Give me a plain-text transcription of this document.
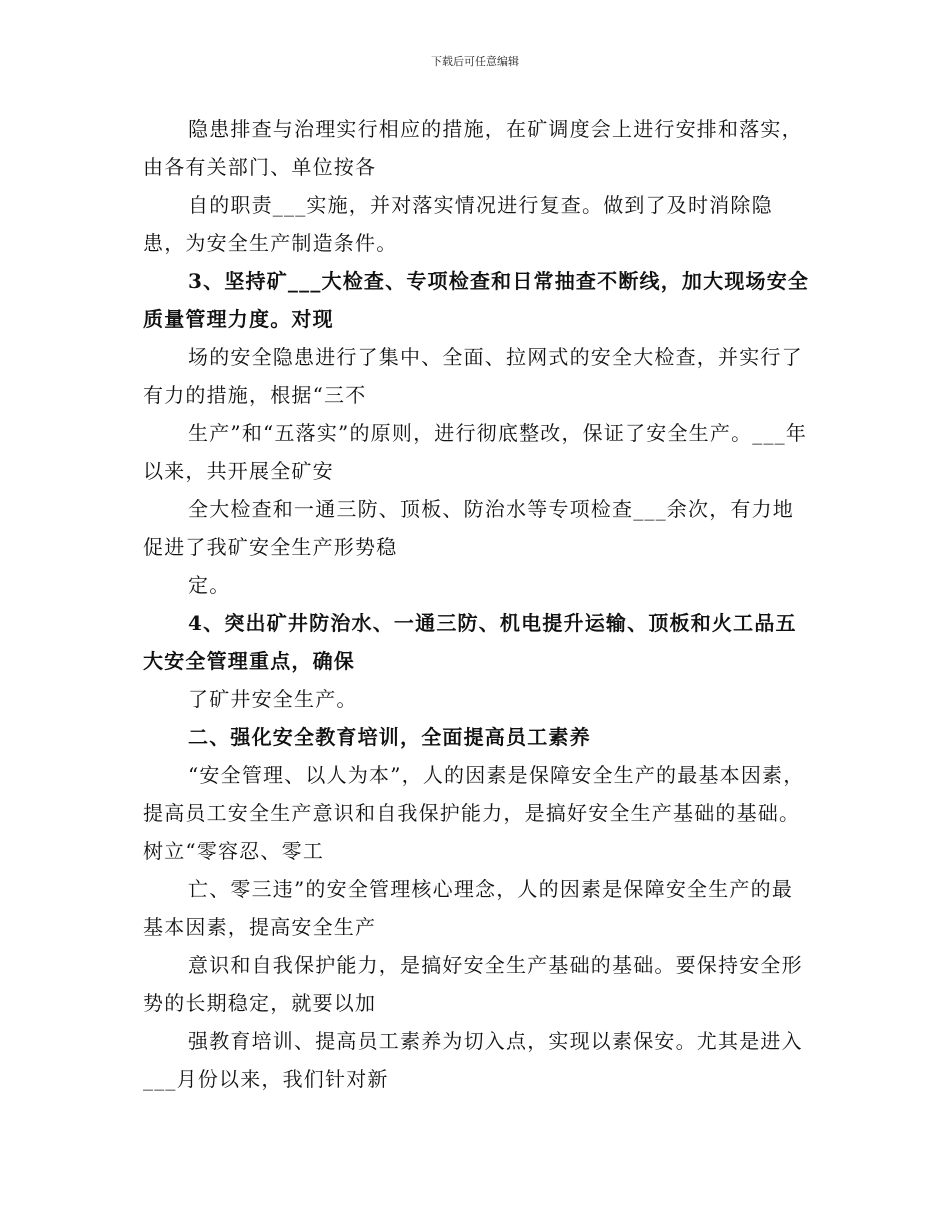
下载后可任意编辑

隐患排查与治理实行相应的措施，在矿调度会上进行安排和落实，由各有关部门、单位按各

自的职责___实施，并对落实情况进行复查。做到了及时消除隐患，为安全生产制造条件。

3、坚持矿___大检查、专项检查和日常抽查不断线，加大现场安全质量管理力度。对现

场的安全隐患进行了集中、全面、拉网式的安全大检查，并实行了有力的措施，根据“三不

生产”和“五落实”的原则，进行彻底整改，保证了安全生产。___年以来，共开展全矿安

全大检查和一通三防、顶板、防治水等专项检查___余次，有力地促进了我矿安全生产形势稳

定。

4、突出矿井防治水、一通三防、机电提升运输、顶板和火工品五大安全管理重点，确保

了矿井安全生产。

二、强化安全教育培训，全面提高员工素养

“安全管理、以人为本”，人的因素是保障安全生产的最基本因素，提高员工安全生产意识和自我保护能力，是搞好安全生产基础的基础。树立“零容忍、零工

亡、零三违”的安全管理核心理念，人的因素是保障安全生产的最基本因素，提高安全生产

意识和自我保护能力，是搞好安全生产基础的基础。要保持安全形势的长期稳定，就要以加

强教育培训、提高员工素养为切入点，实现以素保安。尤其是进入___月份以来，我们针对新
